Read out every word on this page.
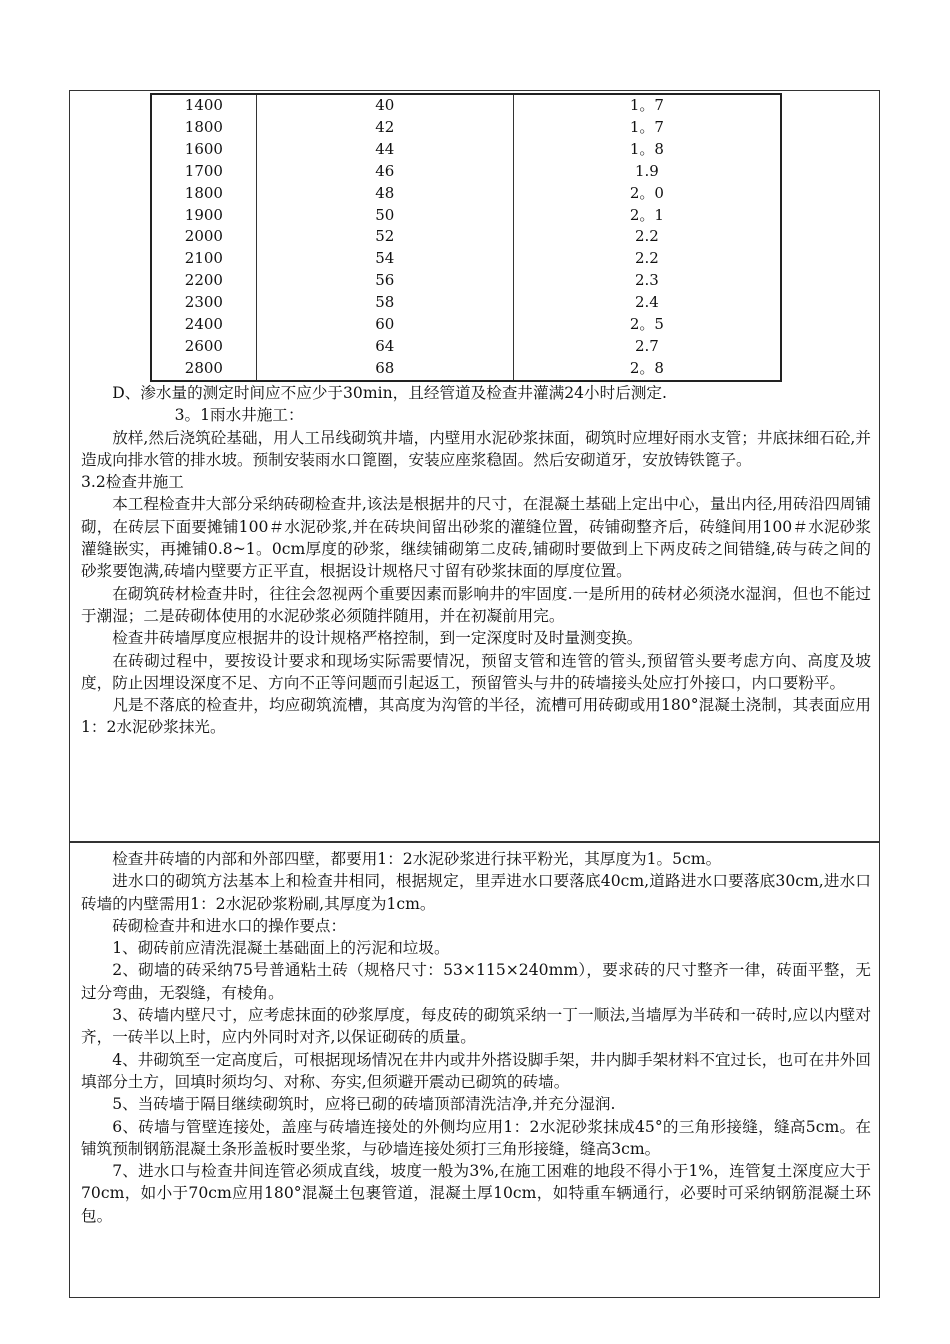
1400	40	1。7
1800	42	1。7
1600	44	1。8
1700	46	1.9
1800	48	2。0
1900	50	2。1
2000	52	2.2
2100	54	2.2
2200	56	2.3
2300	58	2.4
2400	60	2。5
2600	64	2.7
2800	68	2。8

D、渗水量的测定时间应不应少于30min，且经管道及检查井灌满24小时后测定.

3。1雨水井施工：

放样,然后浇筑砼基础，用人工吊线砌筑井墙，内壁用水泥砂浆抹面，砌筑时应埋好雨水支管；井底抹细石砼,并造成向排水管的排水坡。预制安装雨水口篦圈，安装应座浆稳固。然后安砌道牙，安放铸铁篦子。

3.2检查井施工

本工程检查井大部分采纳砖砌检查井,该法是根据井的尺寸，在混凝土基础上定出中心，量出内径,用砖沿四周铺砌，在砖层下面要摊铺100＃水泥砂浆,并在砖块间留出砂浆的灌缝位置，砖铺砌整齐后，砖缝间用100＃水泥砂浆灌缝嵌实，再摊铺0.8~1。0cm厚度的砂浆，继续铺砌第二皮砖,铺砌时要做到上下两皮砖之间错缝,砖与砖之间的砂浆要饱满,砖墙内壁要方正平直，根据设计规格尺寸留有砂浆抹面的厚度位置。

在砌筑砖材检查井时，往往会忽视两个重要因素而影响井的牢固度.一是所用的砖材必须浇水湿润，但也不能过于潮湿；二是砖砌体使用的水泥砂浆必须随拌随用，并在初凝前用完。

检查井砖墙厚度应根据井的设计规格严格控制，到一定深度时及时量测变换。

在砖砌过程中，要按设计要求和现场实际需要情况，预留支管和连管的管头,预留管头要考虑方向、高度及坡度，防止因埋设深度不足、方向不正等问题而引起返工，预留管头与井的砖墙接头处应打外接口，内口要粉平。

凡是不落底的检查井，均应砌筑流槽，其高度为沟管的半径，流槽可用砖砌或用180°混凝土浇制，其表面应用1：2水泥砂浆抹光。

检查井砖墙的内部和外部四壁，都要用1：2水泥砂浆进行抹平粉光，其厚度为1。5cm。

进水口的砌筑方法基本上和检查井相同，根据规定，里弄进水口要落底40cm,道路进水口要落底30cm,进水口砖墙的内壁需用1：2水泥砂浆粉刷,其厚度为1cm。

砖砌检查井和进水口的操作要点：

1、砌砖前应清洗混凝土基础面上的污泥和垃圾。

2、砌墙的砖采纳75号普通粘土砖（规格尺寸：53×115×240mm），要求砖的尺寸整齐一律，砖面平整，无过分弯曲，无裂缝，有棱角。

3、砖墙内壁尺寸，应考虑抹面的砂浆厚度，每皮砖的砌筑采纳一丁一顺法,当墙厚为半砖和一砖时,应以内壁对齐，一砖半以上时，应内外同时对齐,以保证砌砖的质量。

4、井砌筑至一定高度后，可根据现场情况在井内或井外搭设脚手架，井内脚手架材料不宜过长，也可在井外回填部分土方，回填时须均匀、对称、夯实,但须避开震动已砌筑的砖墙。

5、当砖墙于隔目继续砌筑时，应将已砌的砖墙顶部清洗洁净,并充分湿润.

6、砖墙与管壁连接处，盖座与砖墙连接处的外侧均应用1：2水泥砂浆抹成45°的三角形接缝，缝高5cm。在铺筑预制钢筋混凝土条形盖板时要坐浆，与砂墙连接处须打三角形接缝，缝高3cm。

7、进水口与检查井间连管必须成直线，坡度一般为3%,在施工困难的地段不得小于1%，连管复土深度应大于70cm，如小于70cm应用180°混凝土包裹管道，混凝土厚10cm，如特重车辆通行，必要时可采纳钢筋混凝土环包。
